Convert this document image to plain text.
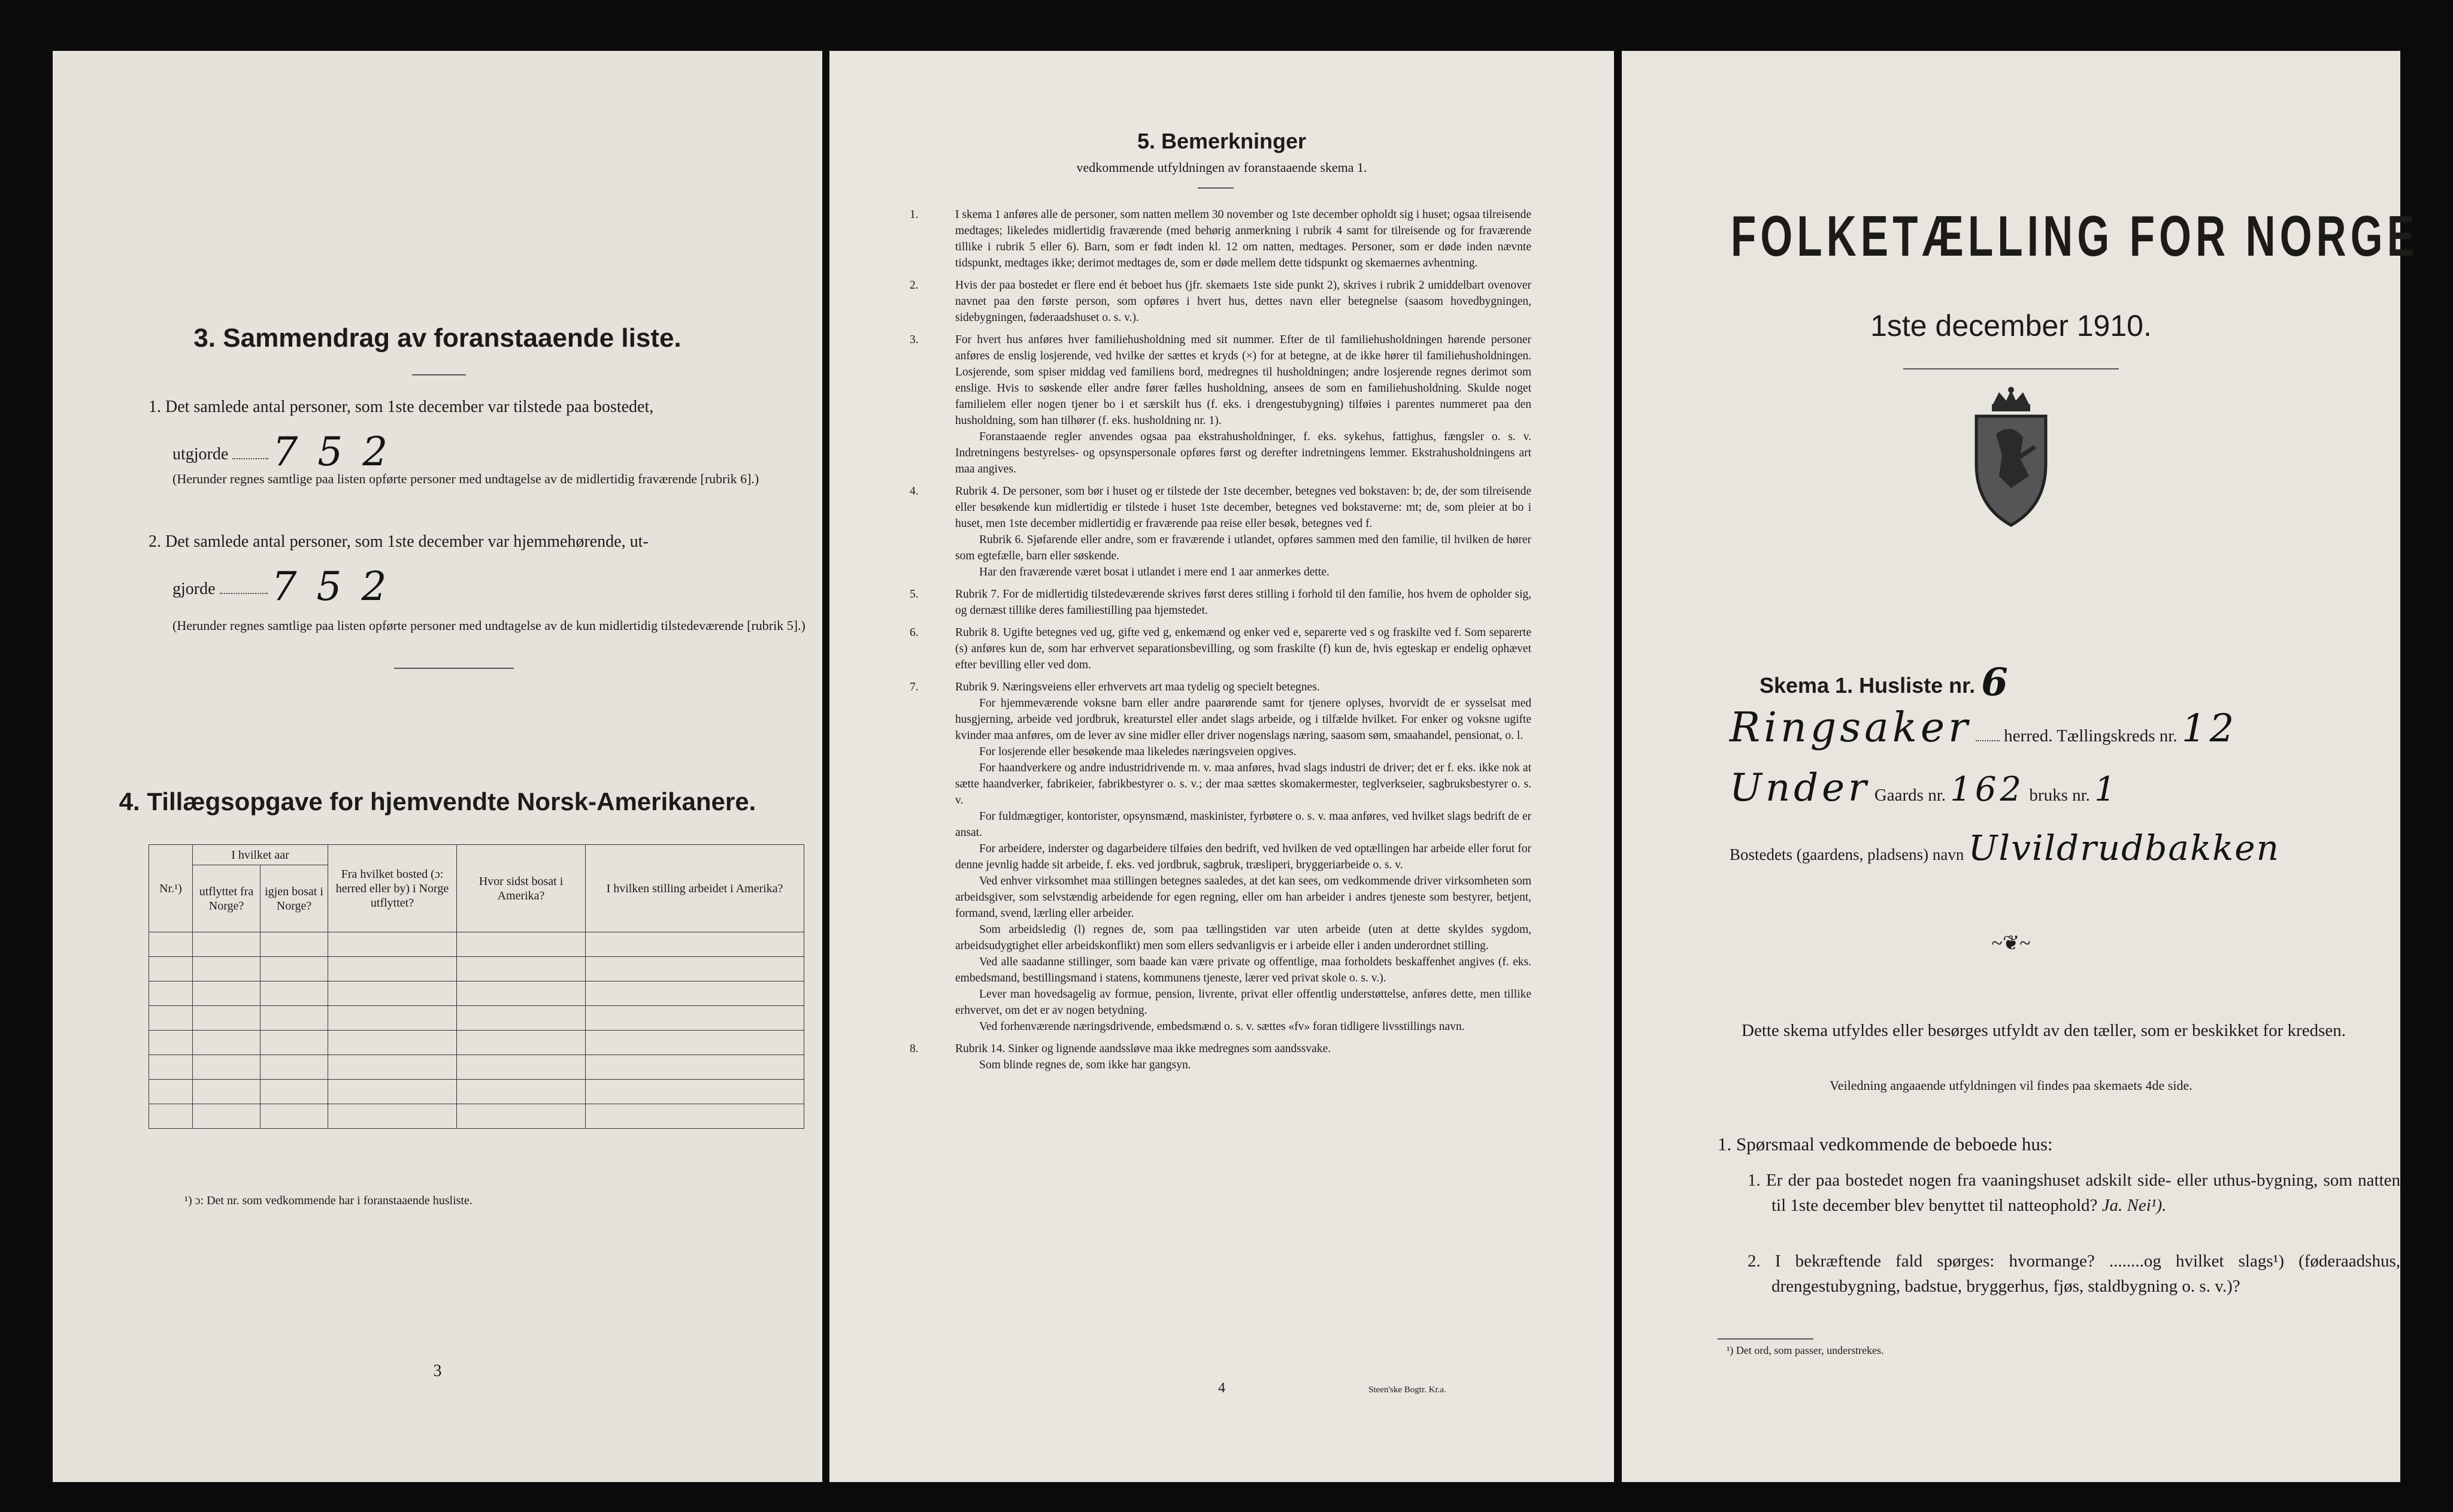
3. Sammendrag av foranstaaende liste.
1. Det samlede antal personer, som 1ste december var tilstede paa bostedet,
utgjorde 7 5 2
(Herunder regnes samtlige paa listen opførte personer med undtagelse av de midlertidig fraværende [rubrik 6].)
2. Det samlede antal personer, som 1ste december var hjemmehørende, ut-
gjorde 7 5 2
(Herunder regnes samtlige paa listen opførte personer med undtagelse av de kun midlertidig tilstedeværende [rubrik 5].)
4. Tillægsopgave for hjemvendte Norsk-Amerikanere.
Nr.¹)	I hvilket aar		Fra hvilket bosted (ɔ: herred eller by) i Norge utflyttet?	Hvor sidst bosat i Amerika?	I hvilken stilling arbeidet i Amerika?
	utflyttet fra Norge?	igjen bosat i Norge?			

¹) ɔ: Det nr. som vedkommende har i foranstaaende husliste.
3
5. Bemerkninger
vedkommende utfyldningen av foranstaaende skema 1.

1.	I skema 1 anføres alle de personer, som natten mellem 30 november og 1ste december opholdt sig i huset; ogsaa tilreisende medtages; likeledes midlertidig fraværende (med behørig anmerkning i rubrik 4 samt for tilreisende og for fraværende tillike i rubrik 5 eller 6). Barn, som er født inden kl. 12 om natten, medtages. Personer, som er døde inden nævnte tidspunkt, medtages ikke; derimot medtages de, som er døde mellem dette tidspunkt og skemaernes avhentning.

2.	Hvis der paa bostedet er flere end ét beboet hus (jfr. skemaets 1ste side punkt 2), skrives i rubrik 2 umiddelbart ovenover navnet paa den første person, som opføres i hvert hus, dettes navn eller betegnelse (saasom hovedbygningen, sidebygningen, føderaadshuset o. s. v.).

3.	For hvert hus anføres hver familiehusholdning med sit nummer. Efter de til familiehusholdningen hørende personer anføres de enslig losjerende, ved hvilke der sættes et kryds (×) for at betegne, at de ikke hører til familiehusholdningen. Losjerende, som spiser middag ved familiens bord, medregnes til husholdningen; andre losjerende regnes derimot som enslige. Hvis to søskende eller andre fører fælles husholdning, ansees de som en familiehusholdning. Skulde noget familielem eller nogen tjener bo i et særskilt hus (f. eks. i drengestubygning) tilføies i parentes nummeret paa den husholdning, som han tilhører (f. eks. husholdning nr. 1).

Foranstaaende regler anvendes ogsaa paa ekstrahusholdninger, f. eks. sykehus, fattighus, fængsler o. s. v. Indretningens bestyrelses- og opsynspersonale opføres først og derefter indretningens lemmer. Ekstrahusholdningens art maa angives.

4.	Rubrik 4. De personer, som bør i huset og er tilstede der 1ste december, betegnes ved bokstaven: b; de, der som tilreisende eller besøkende kun midlertidig er tilstede i huset 1ste december, betegnes ved bokstaverne: mt; de, som pleier at bo i huset, men 1ste december midlertidig er fraværende paa reise eller besøk, betegnes ved f.

Rubrik 6. Sjøfarende eller andre, som er fraværende i utlandet, opføres sammen med den familie, til hvilken de hører som egtefælle, barn eller søskende.

Har den fraværende været bosat i utlandet i mere end 1 aar anmerkes dette.

5.	Rubrik 7. For de midlertidig tilstedeværende skrives først deres stilling i forhold til den familie, hos hvem de opholder sig, og dernæst tillike deres familiestilling paa hjemstedet.

6.	Rubrik 8. Ugifte betegnes ved ug, gifte ved g, enkemænd og enker ved e, separerte ved s og fraskilte ved f. Som separerte (s) anføres kun de, som har erhvervet separationsbevilling, og som fraskilte (f) kun de, hvis egteskap er endelig ophævet efter bevilling eller ved dom.

7.	Rubrik 9. Næringsveiens eller erhvervets art maa tydelig og specielt betegnes.

For hjemmeværende voksne barn eller andre paarørende samt for tjenere oplyses, hvorvidt de er sysselsat med husgjerning, arbeide ved jordbruk, kreaturstel eller andet slags arbeide, og i tilfælde hvilket. For enker og voksne ugifte kvinder maa anføres, om de lever av sine midler eller driver nogenslags næring, saasom søm, smaahandel, pensionat, o. l.

For losjerende eller besøkende maa likeledes næringsveien opgives.

For haandverkere og andre industridrivende m. v. maa anføres, hvad slags industri de driver; det er f. eks. ikke nok at sætte haandverker, fabrikeier, fabrikbestyrer o. s. v.; der maa sættes skomakermester, teglverkseier, sagbruksbestyrer o. s. v.

For fuldmægtiger, kontorister, opsynsmænd, maskinister, fyrbøtere o. s. v. maa anføres, ved hvilket slags bedrift de er ansat.

For arbeidere, inderster og dagarbeidere tilføies den bedrift, ved hvilken de ved optællingen har arbeide eller forut for denne jevnlig hadde sit arbeide, f. eks. ved jordbruk, sagbruk, træsliperi, bryggeriarbeide o. s. v.

Ved enhver virksomhet maa stillingen betegnes saaledes, at det kan sees, om vedkommende driver virksomheten som arbeidsgiver, som selvstændig arbeidende for egen regning, eller om han arbeider i andres tjeneste som bestyrer, betjent, formand, svend, lærling eller arbeider.

Som arbeidsledig (l) regnes de, som paa tællingstiden var uten arbeide (uten at dette skyldes sygdom, arbeidsudygtighet eller arbeidskonflikt) men som ellers sedvanligvis er i arbeide eller i anden underordnet stilling.

Ved alle saadanne stillinger, som baade kan være private og offentlige, maa forholdets beskaffenhet angives (f. eks. embedsmand, bestillingsmand i statens, kommunens tjeneste, lærer ved privat skole o. s. v.).

Lever man hovedsagelig av formue, pension, livrente, privat eller offentlig understøttelse, anføres dette, men tillike erhvervet, om det er av nogen betydning.

Ved forhenværende næringsdrivende, embedsmænd o. s. v. sættes «fv» foran tidligere livsstillings navn.

8.	Rubrik 14. Sinker og lignende aandssløve maa ikke medregnes som aandssvake.

Som blinde regnes de, som ikke har gangsyn.

4	Steen'ske Bogtr. Kr.a.
FOLKETÆLLING FOR NORGE
1ste december 1910.
Skema 1. Husliste nr. 6
Ringsaker herred. Tællingskreds nr. 12
Under Gaards nr. 162 bruks nr. 1
Bostedets (gaardens, pladsens) navn Ulvildrudbakken
~❦~
Dette skema utfyldes eller besørges utfyldt av den tæller, som er beskikket for kredsen.
Veiledning angaaende utfyldningen vil findes paa skemaets 4de side.
1. Spørsmaal vedkommende de beboede hus:
1. Er der paa bostedet nogen fra vaaningshuset adskilt side- eller uthus-bygning, som natten til 1ste december blev benyttet til natteophold? Ja. Nei¹).
2. I bekræftende fald spørges: hvormange? ........og hvilket slags¹) (føderaadshus, drengestubygning, badstue, bryggerhus, fjøs, staldbygning o. s. v.)?
¹) Det ord, som passer, understrekes.
